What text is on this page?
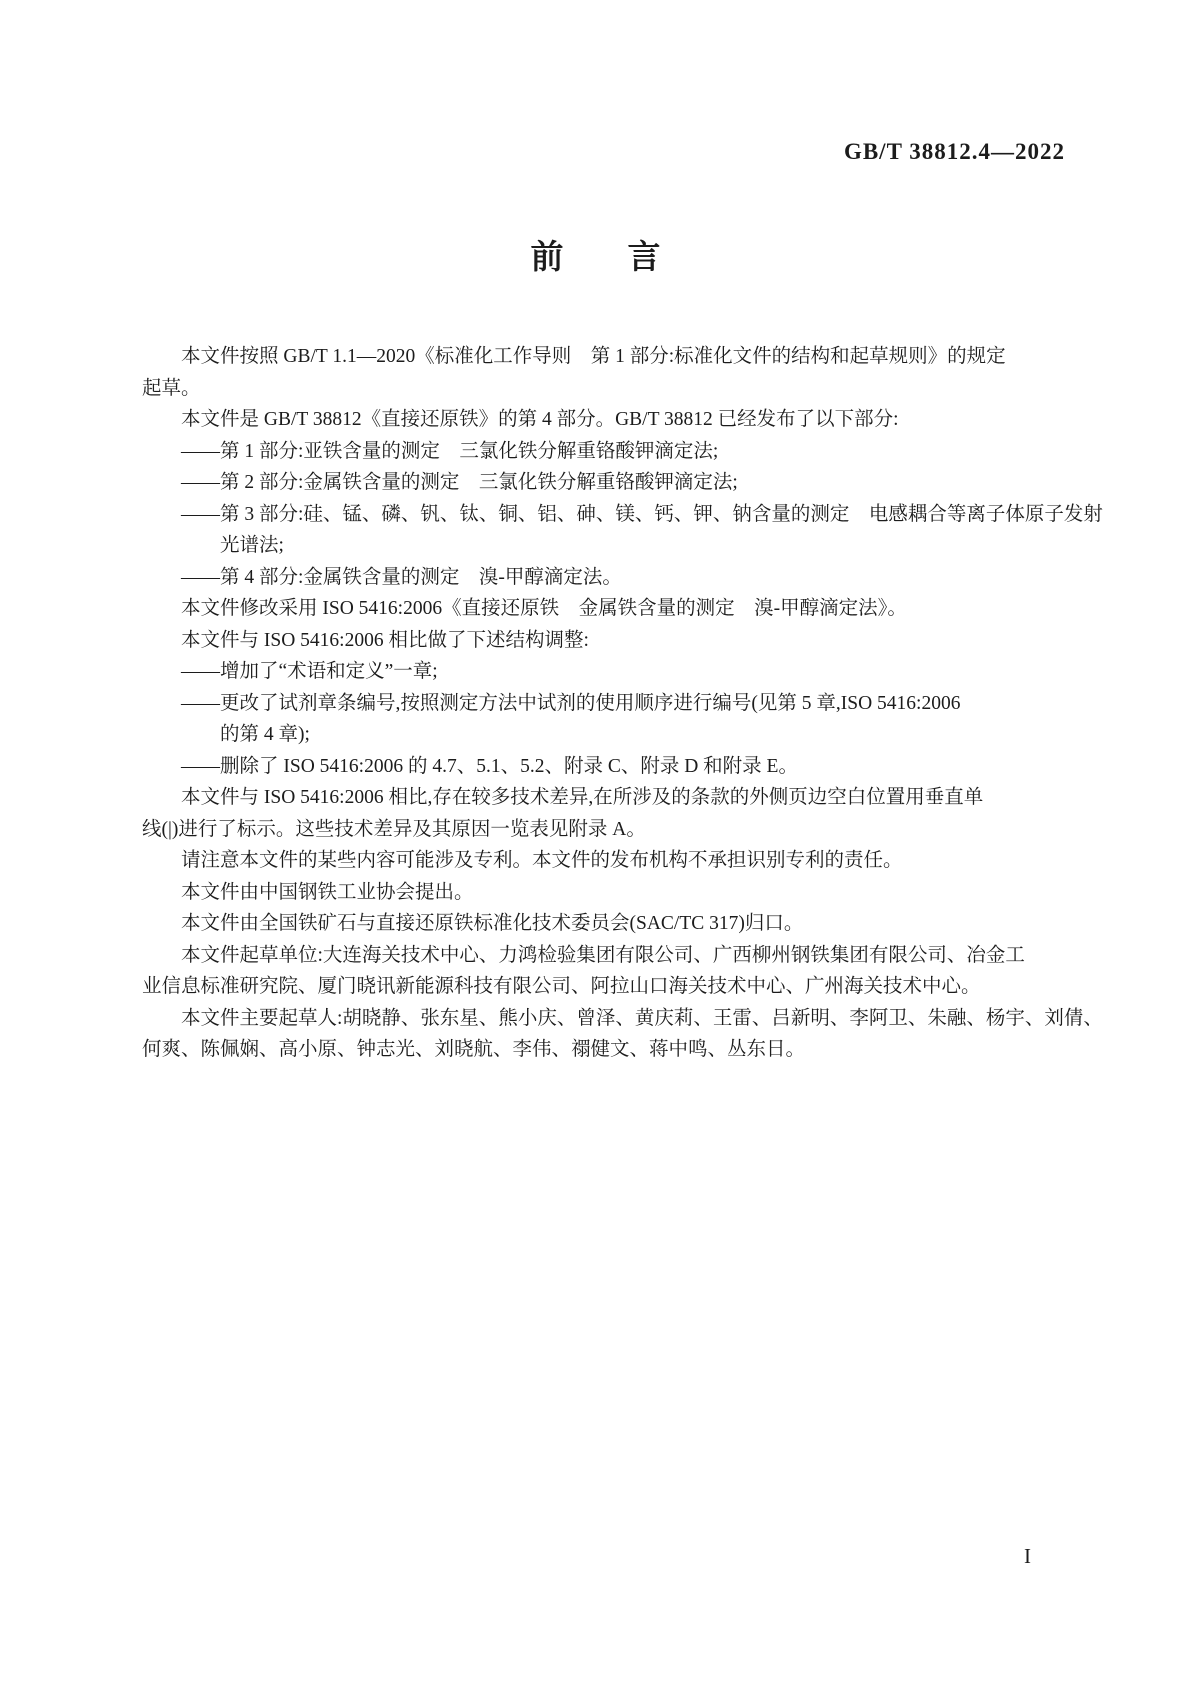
GB/T 38812.4—2022
前 言
本文件按照 GB/T 1.1—2020《标准化工作导则　第 1 部分:标准化文件的结构和起草规则》的规定
起草。
本文件是 GB/T 38812《直接还原铁》的第 4 部分。GB/T 38812 已经发布了以下部分:
——第 1 部分:亚铁含量的测定　三氯化铁分解重铬酸钾滴定法;
——第 2 部分:金属铁含量的测定　三氯化铁分解重铬酸钾滴定法;
——第 3 部分:硅、锰、磷、钒、钛、铜、铝、砷、镁、钙、钾、钠含量的测定　电感耦合等离子体原子发射
光谱法;
——第 4 部分:金属铁含量的测定　溴-甲醇滴定法。
本文件修改采用 ISO 5416:2006《直接还原铁　金属铁含量的测定　溴-甲醇滴定法》。
本文件与 ISO 5416:2006 相比做了下述结构调整:
——增加了“术语和定义”一章;
——更改了试剂章条编号,按照测定方法中试剂的使用顺序进行编号(见第 5 章,ISO 5416:2006
的第 4 章);
——删除了 ISO 5416:2006 的 4.7、5.1、5.2、附录 C、附录 D 和附录 E。
本文件与 ISO 5416:2006 相比,存在较多技术差异,在所涉及的条款的外侧页边空白位置用垂直单
线(|)进行了标示。这些技术差异及其原因一览表见附录 A。
请注意本文件的某些内容可能涉及专利。本文件的发布机构不承担识别专利的责任。
本文件由中国钢铁工业协会提出。
本文件由全国铁矿石与直接还原铁标准化技术委员会(SAC/TC 317)归口。
本文件起草单位:大连海关技术中心、力鸿检验集团有限公司、广西柳州钢铁集团有限公司、冶金工
业信息标准研究院、厦门晓讯新能源科技有限公司、阿拉山口海关技术中心、广州海关技术中心。
本文件主要起草人:胡晓静、张东星、熊小庆、曾泽、黄庆莉、王雷、吕新明、李阿卫、朱融、杨宇、刘倩、
何爽、陈佩娴、高小原、钟志光、刘晓航、李伟、禤健文、蒋中鸣、丛东日。
I
